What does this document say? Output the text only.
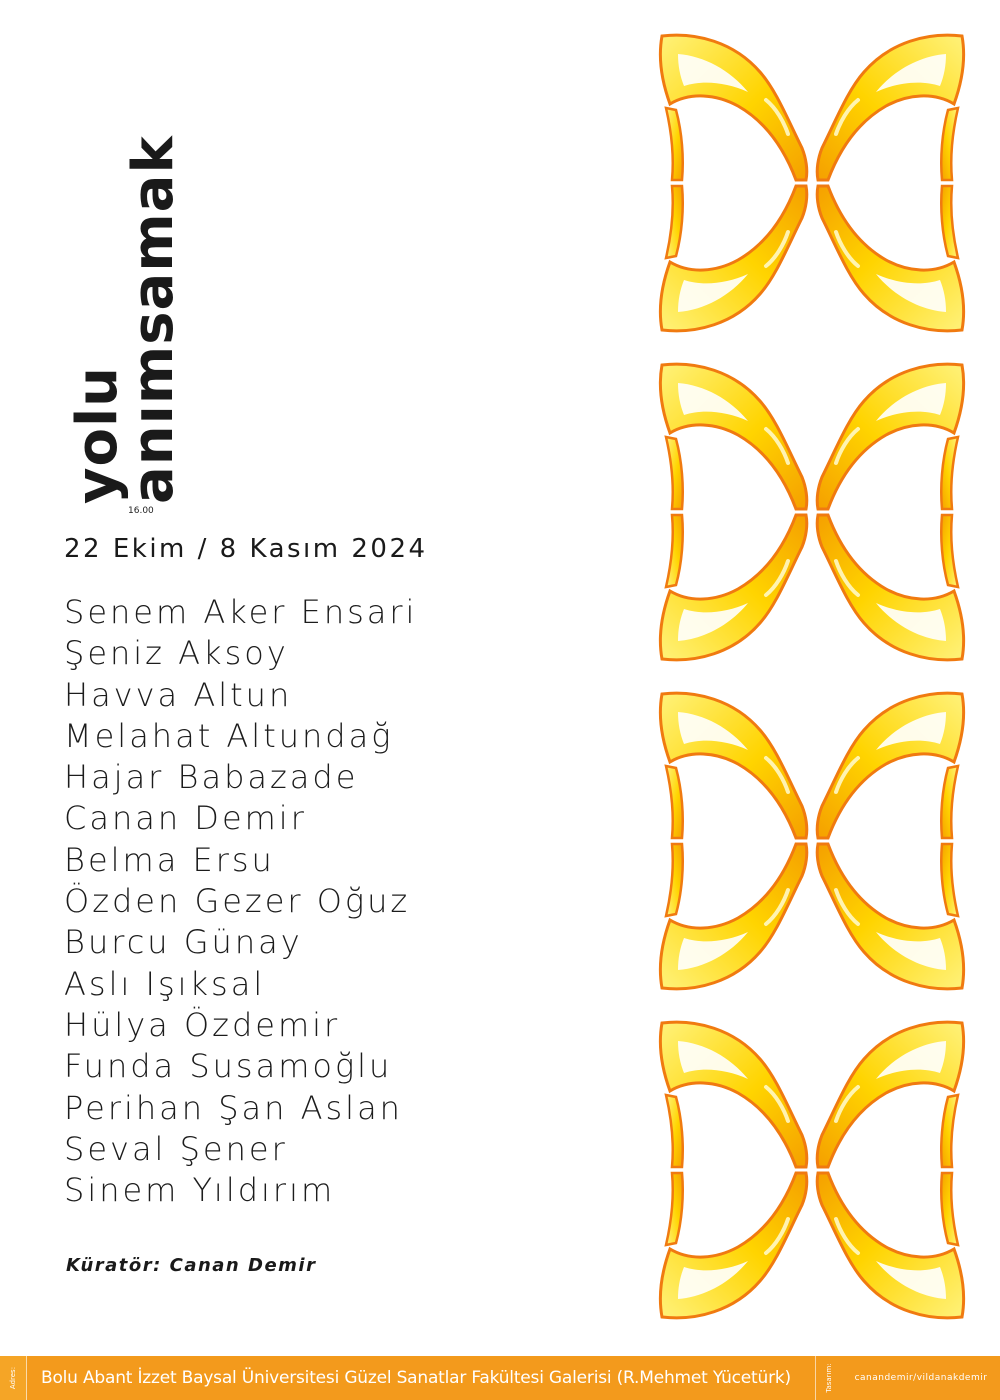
yolu
anımsamak
16.00
22 Ekim / 8 Kasım 2024
Senem Aker Ensari
Şeniz Aksoy
Havva Altun
Melahat Altundağ
Hajar Babazade
Canan Demir
Belma Ersu
Özden Gezer Oğuz
Burcu Günay
Aslı Işıksal
Hülya Özdemir
Funda Susamoğlu
Perihan Şan Aslan
Seval Şener
Sinem Yıldırım
Küratör: Canan Demir
Adres:	Bolu Abant İzzet Baysal Üniversitesi Güzel Sanatlar Fakültesi Galerisi (R.Mehmet Yücetürk)	Tasarım:	canandemir/vildanakdemir
